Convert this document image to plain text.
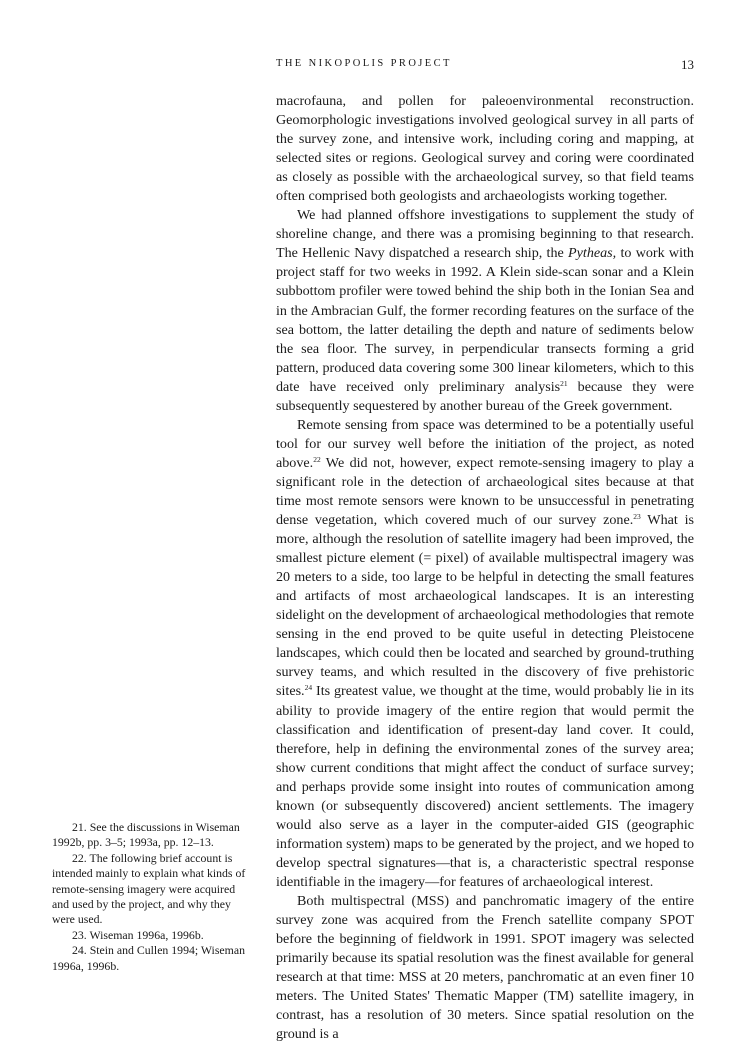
THE NIKOPOLIS PROJECT	13

macrofauna, and pollen for paleoenvironmental reconstruction. Geomorphologic investigations involved geological survey in all parts of the survey zone, and intensive work, including coring and mapping, at selected sites or regions. Geological survey and coring were coordinated as closely as possible with the archaeological survey, so that field teams often comprised both geologists and archaeologists working together.

We had planned offshore investigations to supplement the study of shoreline change, and there was a promising beginning to that research. The Hellenic Navy dispatched a research ship, the Pytheas, to work with project staff for two weeks in 1992. A Klein side-scan sonar and a Klein subbottom profiler were towed behind the ship both in the Ionian Sea and in the Ambracian Gulf, the former recording features on the surface of the sea bottom, the latter detailing the depth and nature of sediments below the sea floor. The survey, in perpendicular transects forming a grid pattern, produced data covering some 300 linear kilometers, which to this date have received only preliminary analysis$^{21}$ because they were subsequently sequestered by another bureau of the Greek government.

Remote sensing from space was determined to be a potentially useful tool for our survey well before the initiation of the project, as noted above.$^{22}$ We did not, however, expect remote-sensing imagery to play a significant role in the detection of archaeological sites because at that time most remote sensors were known to be unsuccessful in penetrating dense vegetation, which covered much of our survey zone.$^{23}$ What is more, although the resolution of satellite imagery had been improved, the smallest picture element (= pixel) of available multispectral imagery was 20 meters to a side, too large to be helpful in detecting the small features and artifacts of most archaeological landscapes. It is an interesting sidelight on the development of archaeological methodologies that remote sensing in the end proved to be quite useful in detecting Pleistocene landscapes, which could then be located and searched by ground-truthing survey teams, and which resulted in the discovery of five prehistoric sites.$^{24}$ Its greatest value, we thought at the time, would probably lie in its ability to provide imagery of the entire region that would permit the classification and identification of present-day land cover. It could, therefore, help in defining the environmental zones of the survey area; show current conditions that might affect the conduct of surface survey; and perhaps provide some insight into routes of communication among known (or subsequently discovered) ancient settlements. The imagery would also serve as a layer in the computer-aided GIS (geographic information system) maps to be generated by the project, and we hoped to develop spectral signatures—that is, a characteristic spectral response identifiable in the imagery—for features of archaeological interest.

Both multispectral (MSS) and panchromatic imagery of the entire survey zone was acquired from the French satellite company SPOT before the beginning of fieldwork in 1991. SPOT imagery was selected primarily because its spatial resolution was the finest available for general research at that time: MSS at 20 meters, panchromatic at an even finer 10 meters. The United States' Thematic Mapper (TM) satellite imagery, in contrast, has a resolution of 30 meters. Since spatial resolution on the ground is a

21. See the discussions in Wiseman 1992b, pp. 3–5; 1993a, pp. 12–13.

22. The following brief account is intended mainly to explain what kinds of remote-sensing imagery were acquired and used by the project, and why they were used.

23. Wiseman 1996a, 1996b.

24. Stein and Cullen 1994; Wiseman 1996a, 1996b.
